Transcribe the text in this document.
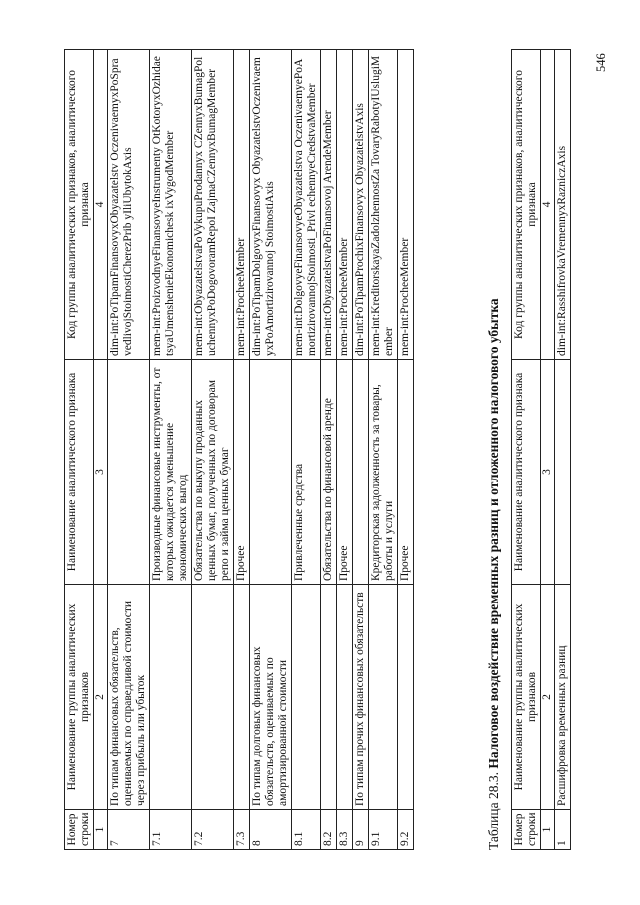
Номер строки	Наименование группы аналитических признаков	Наименование аналитического признака	Код группы аналитических признаков, аналитического признака
1	2	3	4
7	По типам финансовых обязательств, оцениваемых по справедливой стоимости через прибыль или убыток		dim-int:PoTipamFinansovyxObyazatelstv OczenivaemyxPoSpravedlivojStoimostiCherezPrib yIliUbytokAxis
7.1		Производные финансовые инструменты, от которых ожидается уменьшение экономических выгод	mem-int:ProizvodnyeFinansovyeInstrumenty OtKotoryxOzhidaetsyaUmenshenieEkonomichesk ixVygodMember
7.2		Обязательства по выкупу проданных ценных бумаг, полученных по договорам репо и займа ценных бумаг	mem-int:ObyazatelstvaPoVykupuProdannyx CZennyxBumagPoluchennyxPoDogovoramRepoI ZajmaCZennyxBumagMember
7.3		Прочее	mem-int:ProcheeMember
8	По типам долговых финансовых обязательств, оцениваемых по амортизированной стоимости		dim-int:PoTipamDolgovyxFinansovyx ObyazatelstvOczenivaemyxPoAmortizirovannoj StoimostiAxis
8.1		Привлеченные средства	mem-int:DolgovyeFinansovyeObyazatelstva OczenivaemyePoAmortizirovannojStoimosti_Privl echennyeCredstvaMember
8.2		Обязательства по финансовой аренде	mem-int:ObyazatelstvaPoFinansovoj ArendeMember
8.3		Прочее	mem-int:ProcheeMember
9	По типам прочих финансовых обязательств		dim-int:PoTipamProchixFinansovyx ObyazatelstvAxis
9.1		Кредиторская задолженность за товары, работы и услуги	mem-int:KreditorskayaZadolzhennostZa TovaryRabotyIUslugiMember
9.2		Прочее	mem-int:ProcheeMember
Таблица 28.3. Налоговое воздействие временных разниц и отложенного налогового убытка
Номер строки	Наименование группы аналитических признаков	Наименование аналитического признака	Код группы аналитических признаков, аналитического признака
1	2	3	4
1	Расшифровка временных разниц		dim-int:RasshifrovkaVremennyxRazniczAxis
546
